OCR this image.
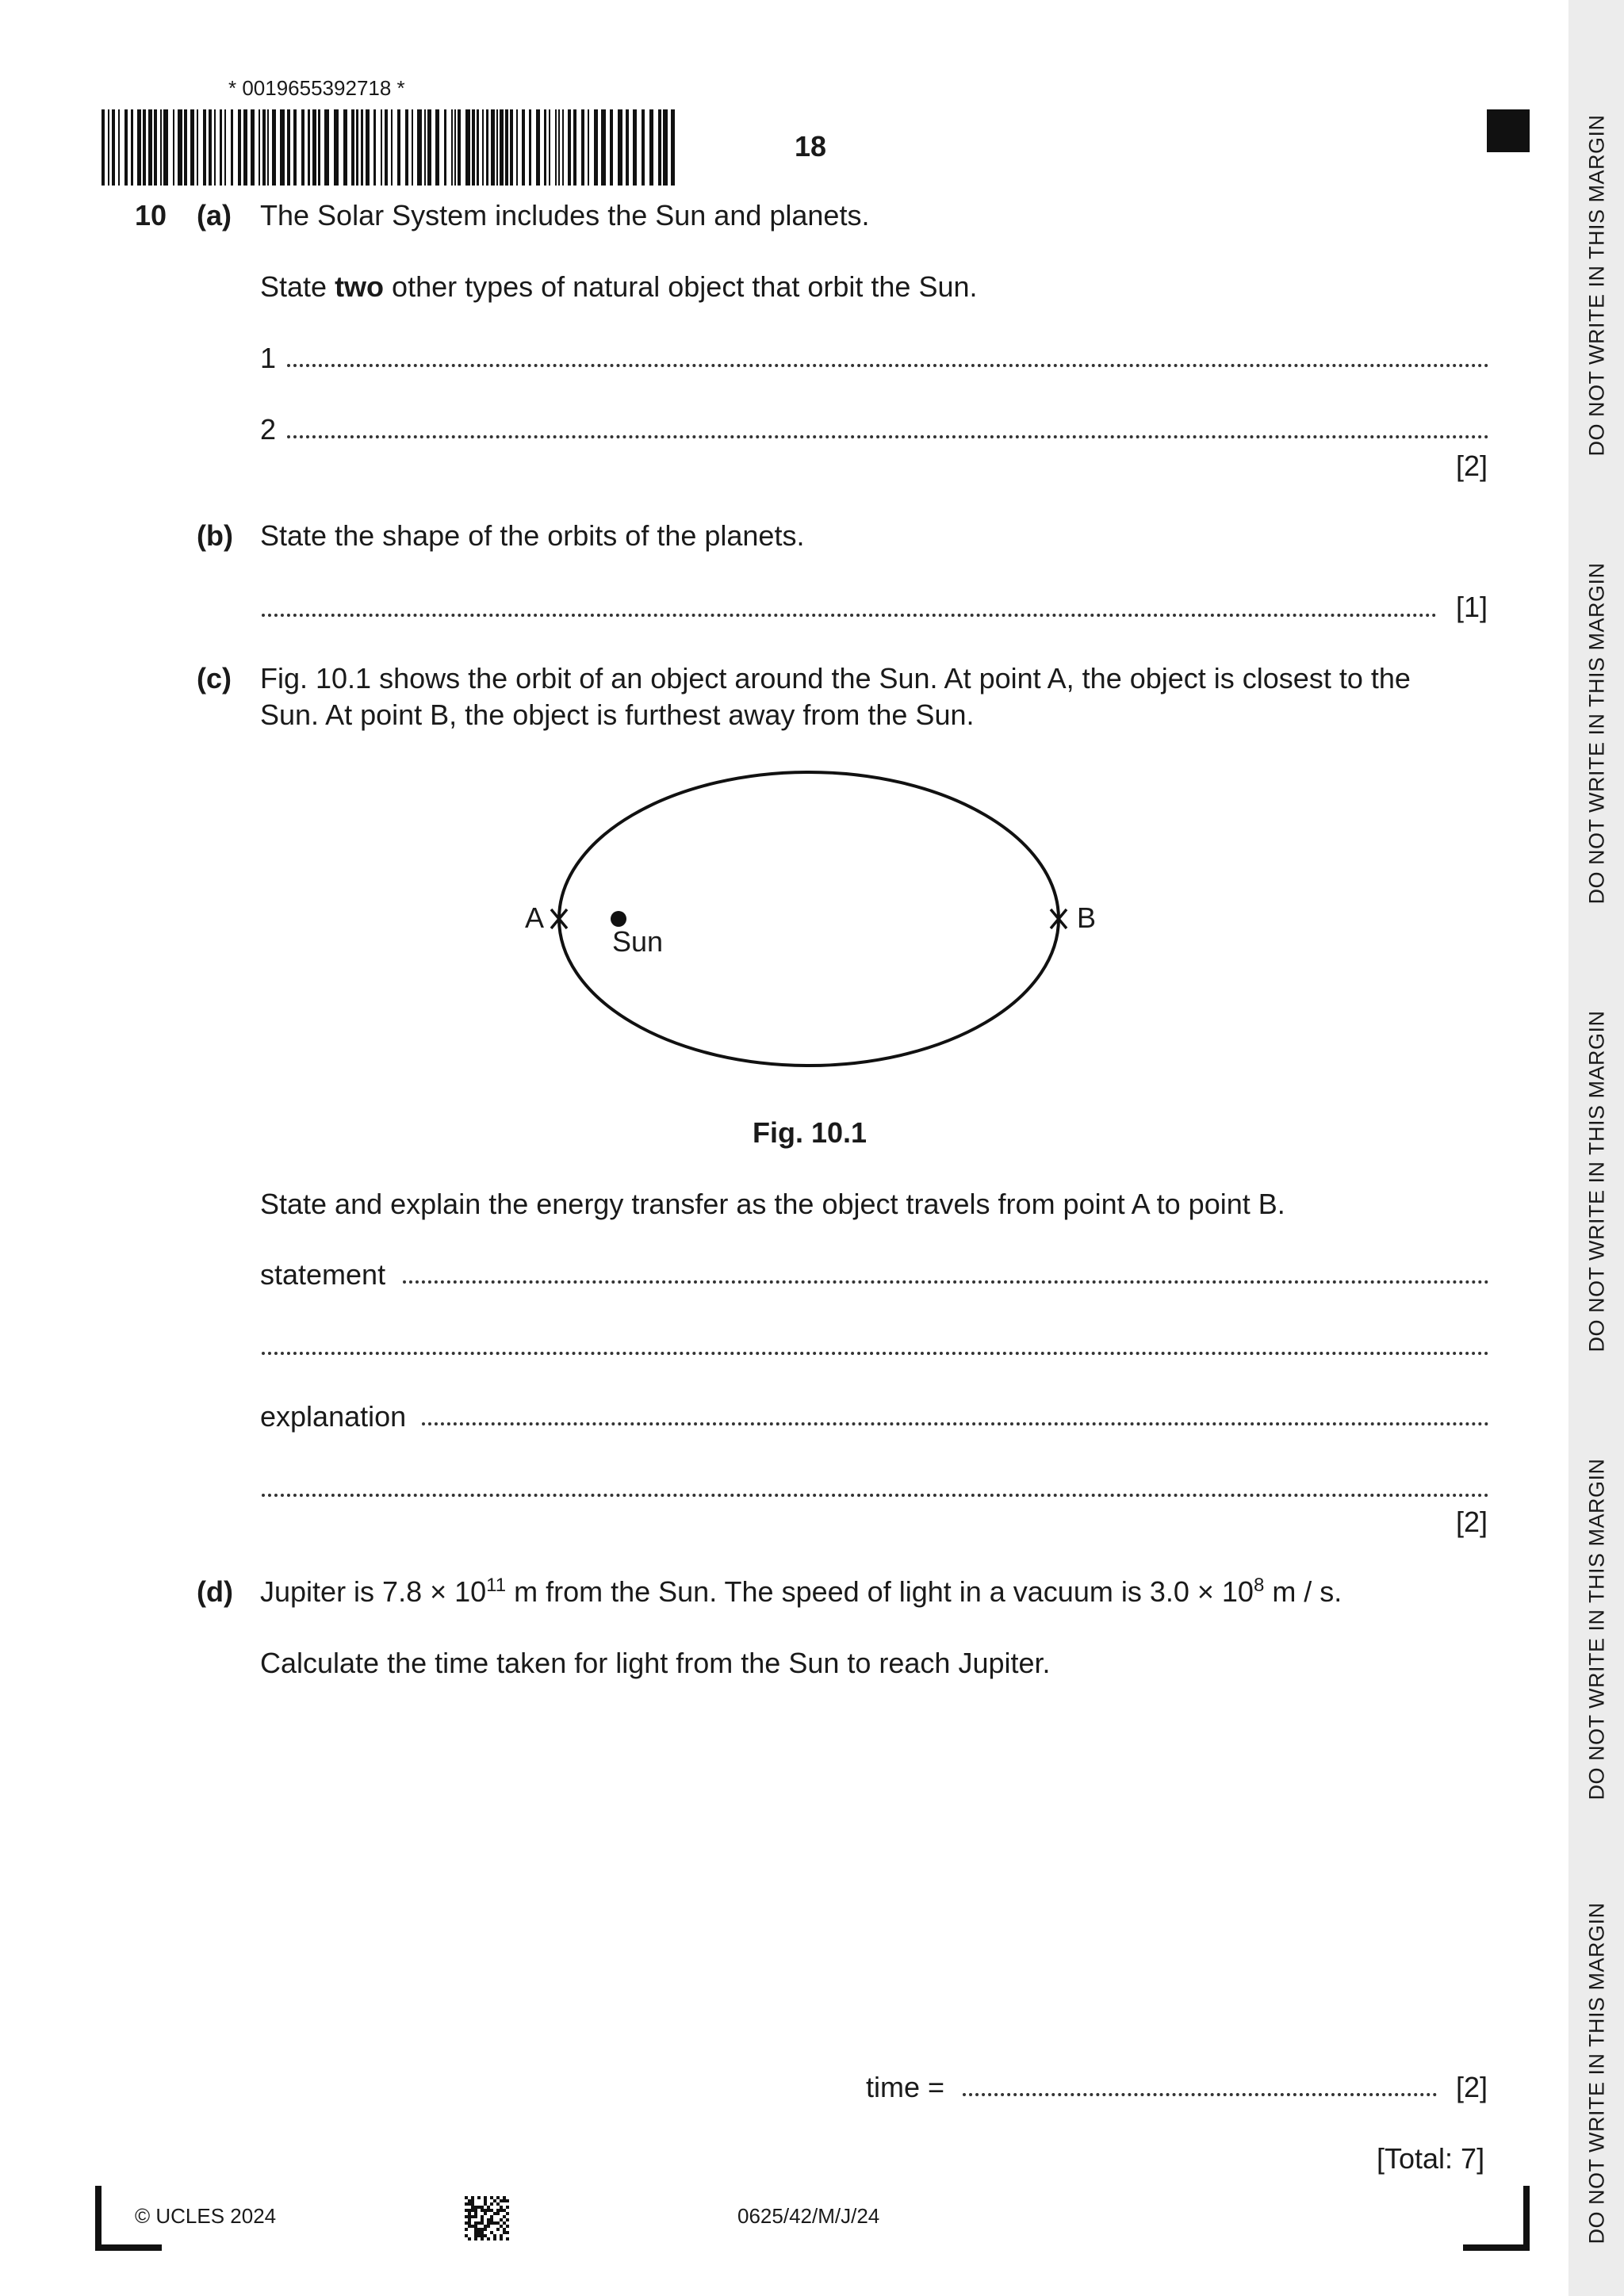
DO NOT WRITE IN THIS MARGIN
DO NOT WRITE IN THIS MARGIN
DO NOT WRITE IN THIS MARGIN
DO NOT WRITE IN THIS MARGIN
DO NOT WRITE IN THIS MARGIN
* 0019655392718 *
18
10 (a) The Solar System includes the Sun and planets.
State two other types of natural object that orbit the Sun.
1
2
[2]
(b) State the shape of the orbits of the planets.
[1]
(c) Fig. 10.1 shows the orbit of an object around the Sun. At point A, the object is closest to the
Sun. At point B, the object is furthest away from the Sun.
A	B
Sun
Fig. 10.1
State and explain the energy transfer as the object travels from point A to point B.
statement
explanation
[2]
(d) Jupiter is $7.8 \times 10^{11}$ m from the Sun. The speed of light in a vacuum is $3.0 \times 10^8$ m / s.
Calculate the time taken for light from the Sun to reach Jupiter.
time =	[2]
[Total: 7]
© UCLES 2024	0625/42/M/J/24
